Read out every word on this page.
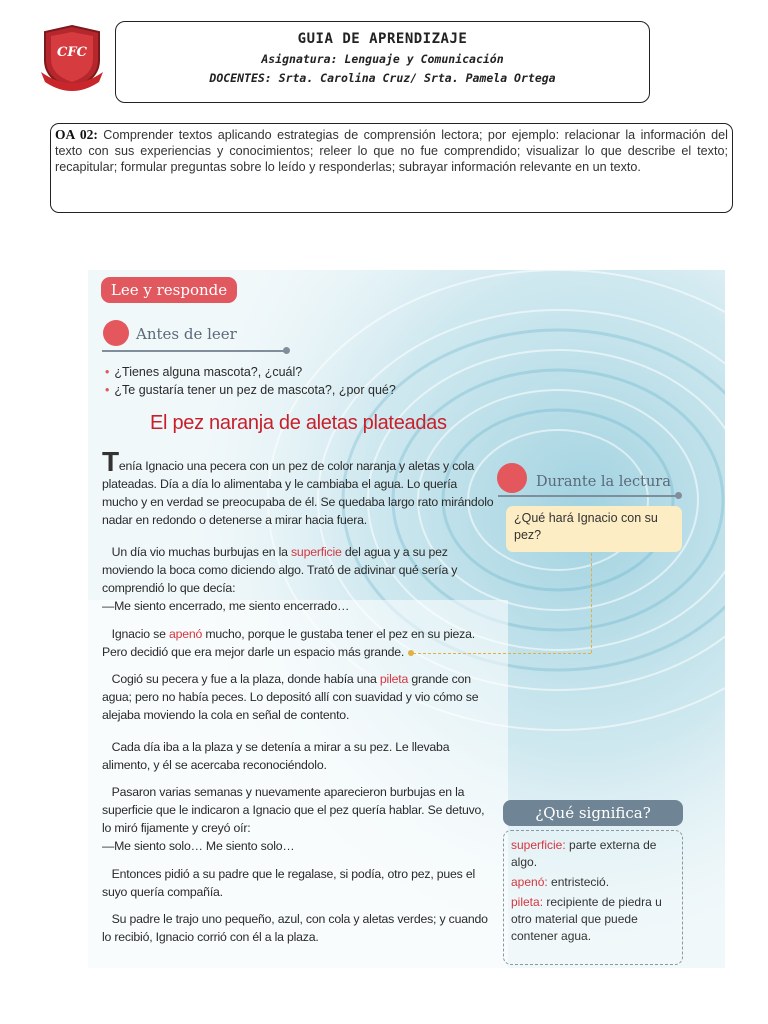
CFC
GUIA DE APRENDIZAJE
Asignatura: Lenguaje y Comunicación
DOCENTES: Srta. Carolina Cruz/ Srta. Pamela Ortega
OA 02: Comprender textos aplicando estrategias de comprensión lectora; por ejemplo: relacionar la información del texto con sus experiencias y conocimientos; releer lo que no fue comprendido; visualizar lo que describe el texto; recapitular; formular preguntas sobre lo leído y responderlas; subrayar información relevante en un texto.
Lee y responde
Antes de leer
• ¿Tienes alguna mascota?, ¿cuál?
• ¿Te gustaría tener un pez de mascota?, ¿por qué?
El pez naranja de aletas plateadas
Tenía Ignacio una pecera con un pez de color naranja y aletas y cola plateadas. Día a día lo alimentaba y le cambiaba el agua. Lo quería mucho y en verdad se preocupaba de él. Se quedaba largo rato mirándolo nadar en redondo o detenerse a mirar hacia fuera.
Un día vio muchas burbujas en la superficie del agua y a su pez moviendo la boca como diciendo algo. Trató de adivinar qué sería y comprendió lo que decía:
—Me siento encerrado, me siento encerrado…
Ignacio se apenó mucho, porque le gustaba tener el pez en su pieza. Pero decidió que era mejor darle un espacio más grande.
Cogió su pecera y fue a la plaza, donde había una pileta grande con agua; pero no había peces. Lo depositó allí con suavidad y vio cómo se alejaba moviendo la cola en señal de contento.
Cada día iba a la plaza y se detenía a mirar a su pez. Le llevaba alimento, y él se acercaba reconociéndolo.
Pasaron varias semanas y nuevamente aparecieron burbujas en la superficie que le indicaron a Ignacio que el pez quería hablar. Se detuvo, lo miró fijamente y creyó oír:
—Me siento solo… Me siento solo…
Entonces pidió a su padre que le regalase, si podía, otro pez, pues el suyo quería compañía.
Su padre le trajo uno pequeño, azul, con cola y aletas verdes; y cuando lo recibió, Ignacio corrió con él a la plaza.
Durante la lectura
¿Qué hará Ignacio con su pez?
¿Qué significa?
superficie: parte externa de algo.
apenó: entristeció.
pileta: recipiente de piedra u otro material que puede contener agua.
